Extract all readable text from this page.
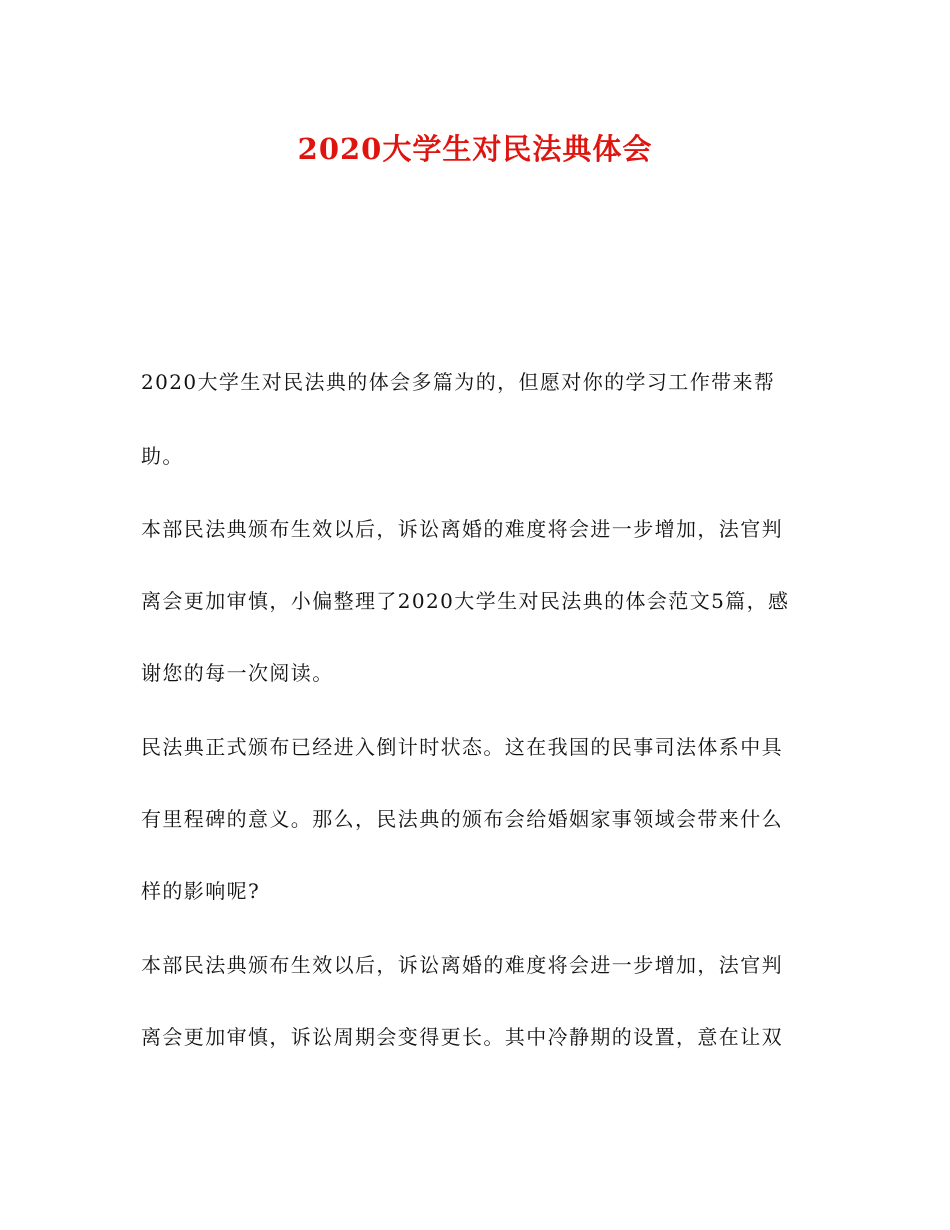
2020大学生对民法典体会
2020大学生对民法典的体会多篇为的，但愿对你的学习工作带来帮
助。
本部民法典颁布生效以后，诉讼离婚的难度将会进一步增加，法官判
离会更加审慎，小偏整理了2020大学生对民法典的体会范文5篇，感
谢您的每一次阅读。
民法典正式颁布已经进入倒计时状态。这在我国的民事司法体系中具
有里程碑的意义。那么，民法典的颁布会给婚姻家事领域会带来什么
样的影响呢?
本部民法典颁布生效以后，诉讼离婚的难度将会进一步增加，法官判
离会更加审慎，诉讼周期会变得更长。其中冷静期的设置，意在让双
